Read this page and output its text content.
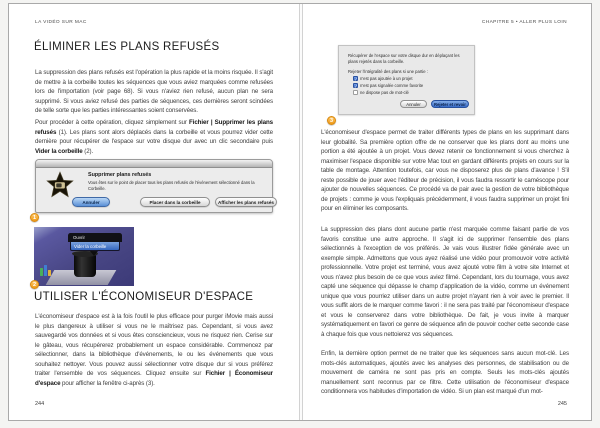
LA VIDÉO SUR MAC
ÉLIMINER LES PLANS REFUSÉS
La suppression des plans refusés est l'opération la plus rapide et la moins risquée. Il s'agit de mettre à la corbeille toutes les séquences que vous aviez marquées comme refusées lors de l'importation (voir page 68). Si vous n'aviez rien refusé, aucun plan ne sera supprimé. Si vous aviez refusé des parties de séquences, ces dernières seront scindées de telle sorte que les parties intéressantes soient conservées.
Pour procéder à cette opération, cliquez simplement sur Fichier | Supprimer les plans refusés (1). Les plans sont alors déplacés dans la corbeille et vous pourrez vider cette dernière pour récupérer de l'espace sur votre disque dur avec un clic secondaire puis Vider la corbeille (2).
Supprimer plans refusés
Vous êtes sur le point de placer tous les plans refusés de l'événement sélectionné dans la Corbeille.
Annuler	Placer dans la corbeille	Afficher les plans refusés
1
Ouvrir
Vider la corbeille
2
UTILISER L'ÉCONOMISEUR D'ESPACE
L'économiseur d'espace est à la fois l'outil le plus efficace pour purger iMovie mais aussi le plus dangereux à utiliser si vous ne le maîtrisez pas. Cependant, si vous avez sauvegardé vos données et si vous êtes consciencieux, vous ne risquez rien. Cerise sur le gâteau, vous récupérerez probablement un espace considérable. Commencez par sélectionner, dans la bibliothèque d'événements, le ou les événements que vous souhaitez nettoyer. Vous pouvez aussi sélectionner votre disque dur si vous préférez traiter l'ensemble de vos séquences. Cliquez ensuite sur Fichier | Économiseur d'espace pour afficher la fenêtre ci-après (3).
244
CHAPITRE 5 • ALLER PLUS LOIN
Récupérer de l'espace sur votre disque dur en déplaçant les plans rejetés dans la corbeille.
Rejeter l'intégralité des plans si une partie :
✓n'est pas ajoutée à un projet
✓n'est pas signalée comme favorite
ne dispose pas de mot-clé
Annuler	Rejeter et revoir
3
L'économiseur d'espace permet de traiter différents types de plans en les supprimant dans leur globalité. Sa première option offre de ne conserver que les plans dont au moins une portion a été ajoutée à un projet. Vous devez retenir ce fonctionnement si vous cherchez à maximiser l'espace disponible sur votre Mac tout en gardant différents projets en cours sur la table de montage. Attention toutefois, car vous ne disposerez plus de plans d'avance ! S'il reste possible de jouer avec l'éditeur de précision, il vous faudra ressortir le caméscope pour ajouter de nouvelles séquences. Ce procédé va de pair avec la gestion de votre bibliothèque de projets : comme je vous l'expliquais précédemment, il vous faudra supprimer un projet fini pour en éliminer les composants.
La suppression des plans dont aucune partie n'est marquée comme faisant partie de vos favoris constitue une autre approche. Il s'agit ici de supprimer l'ensemble des plans sélectionnés à l'exception de vos préférés. Je vais vous illustrer l'idée générale avec un exemple simple. Admettons que vous ayez réalisé une vidéo pour promouvoir votre activité professionnelle. Votre projet est terminé, vous avez ajouté votre film à votre site Internet et vous n'avez plus besoin de ce que vous aviez filmé. Cependant, lors du tournage, vous avez capté une séquence qui dépasse le champ d'application de la vidéo, comme un événement unique que vous pourriez utiliser dans un autre projet n'ayant rien à voir avec le premier. Il vous suffit alors de le marquer comme favori : il ne sera pas traité par l'économiseur d'espace et vous le conserverez dans votre bibliothèque. De fait, je vous invite à marquer systématiquement en favori ce genre de séquence afin de pouvoir cocher cette seconde case à chaque fois que vous nettoierez vos séquences.
Enfin, la dernière option permet de ne traiter que les séquences sans aucun mot-clé. Les mots-clés automatiques, ajoutés avec les analyses des personnes, de stabilisation ou de mouvement de caméra ne sont pas pris en compte. Seuls les mots-clés ajoutés manuellement sont reconnus par ce filtre. Cette utilisation de l'économiseur d'espace conditionnera vos habitudes d'importation de vidéo. Si un plan est marqué d'un mot-
245
